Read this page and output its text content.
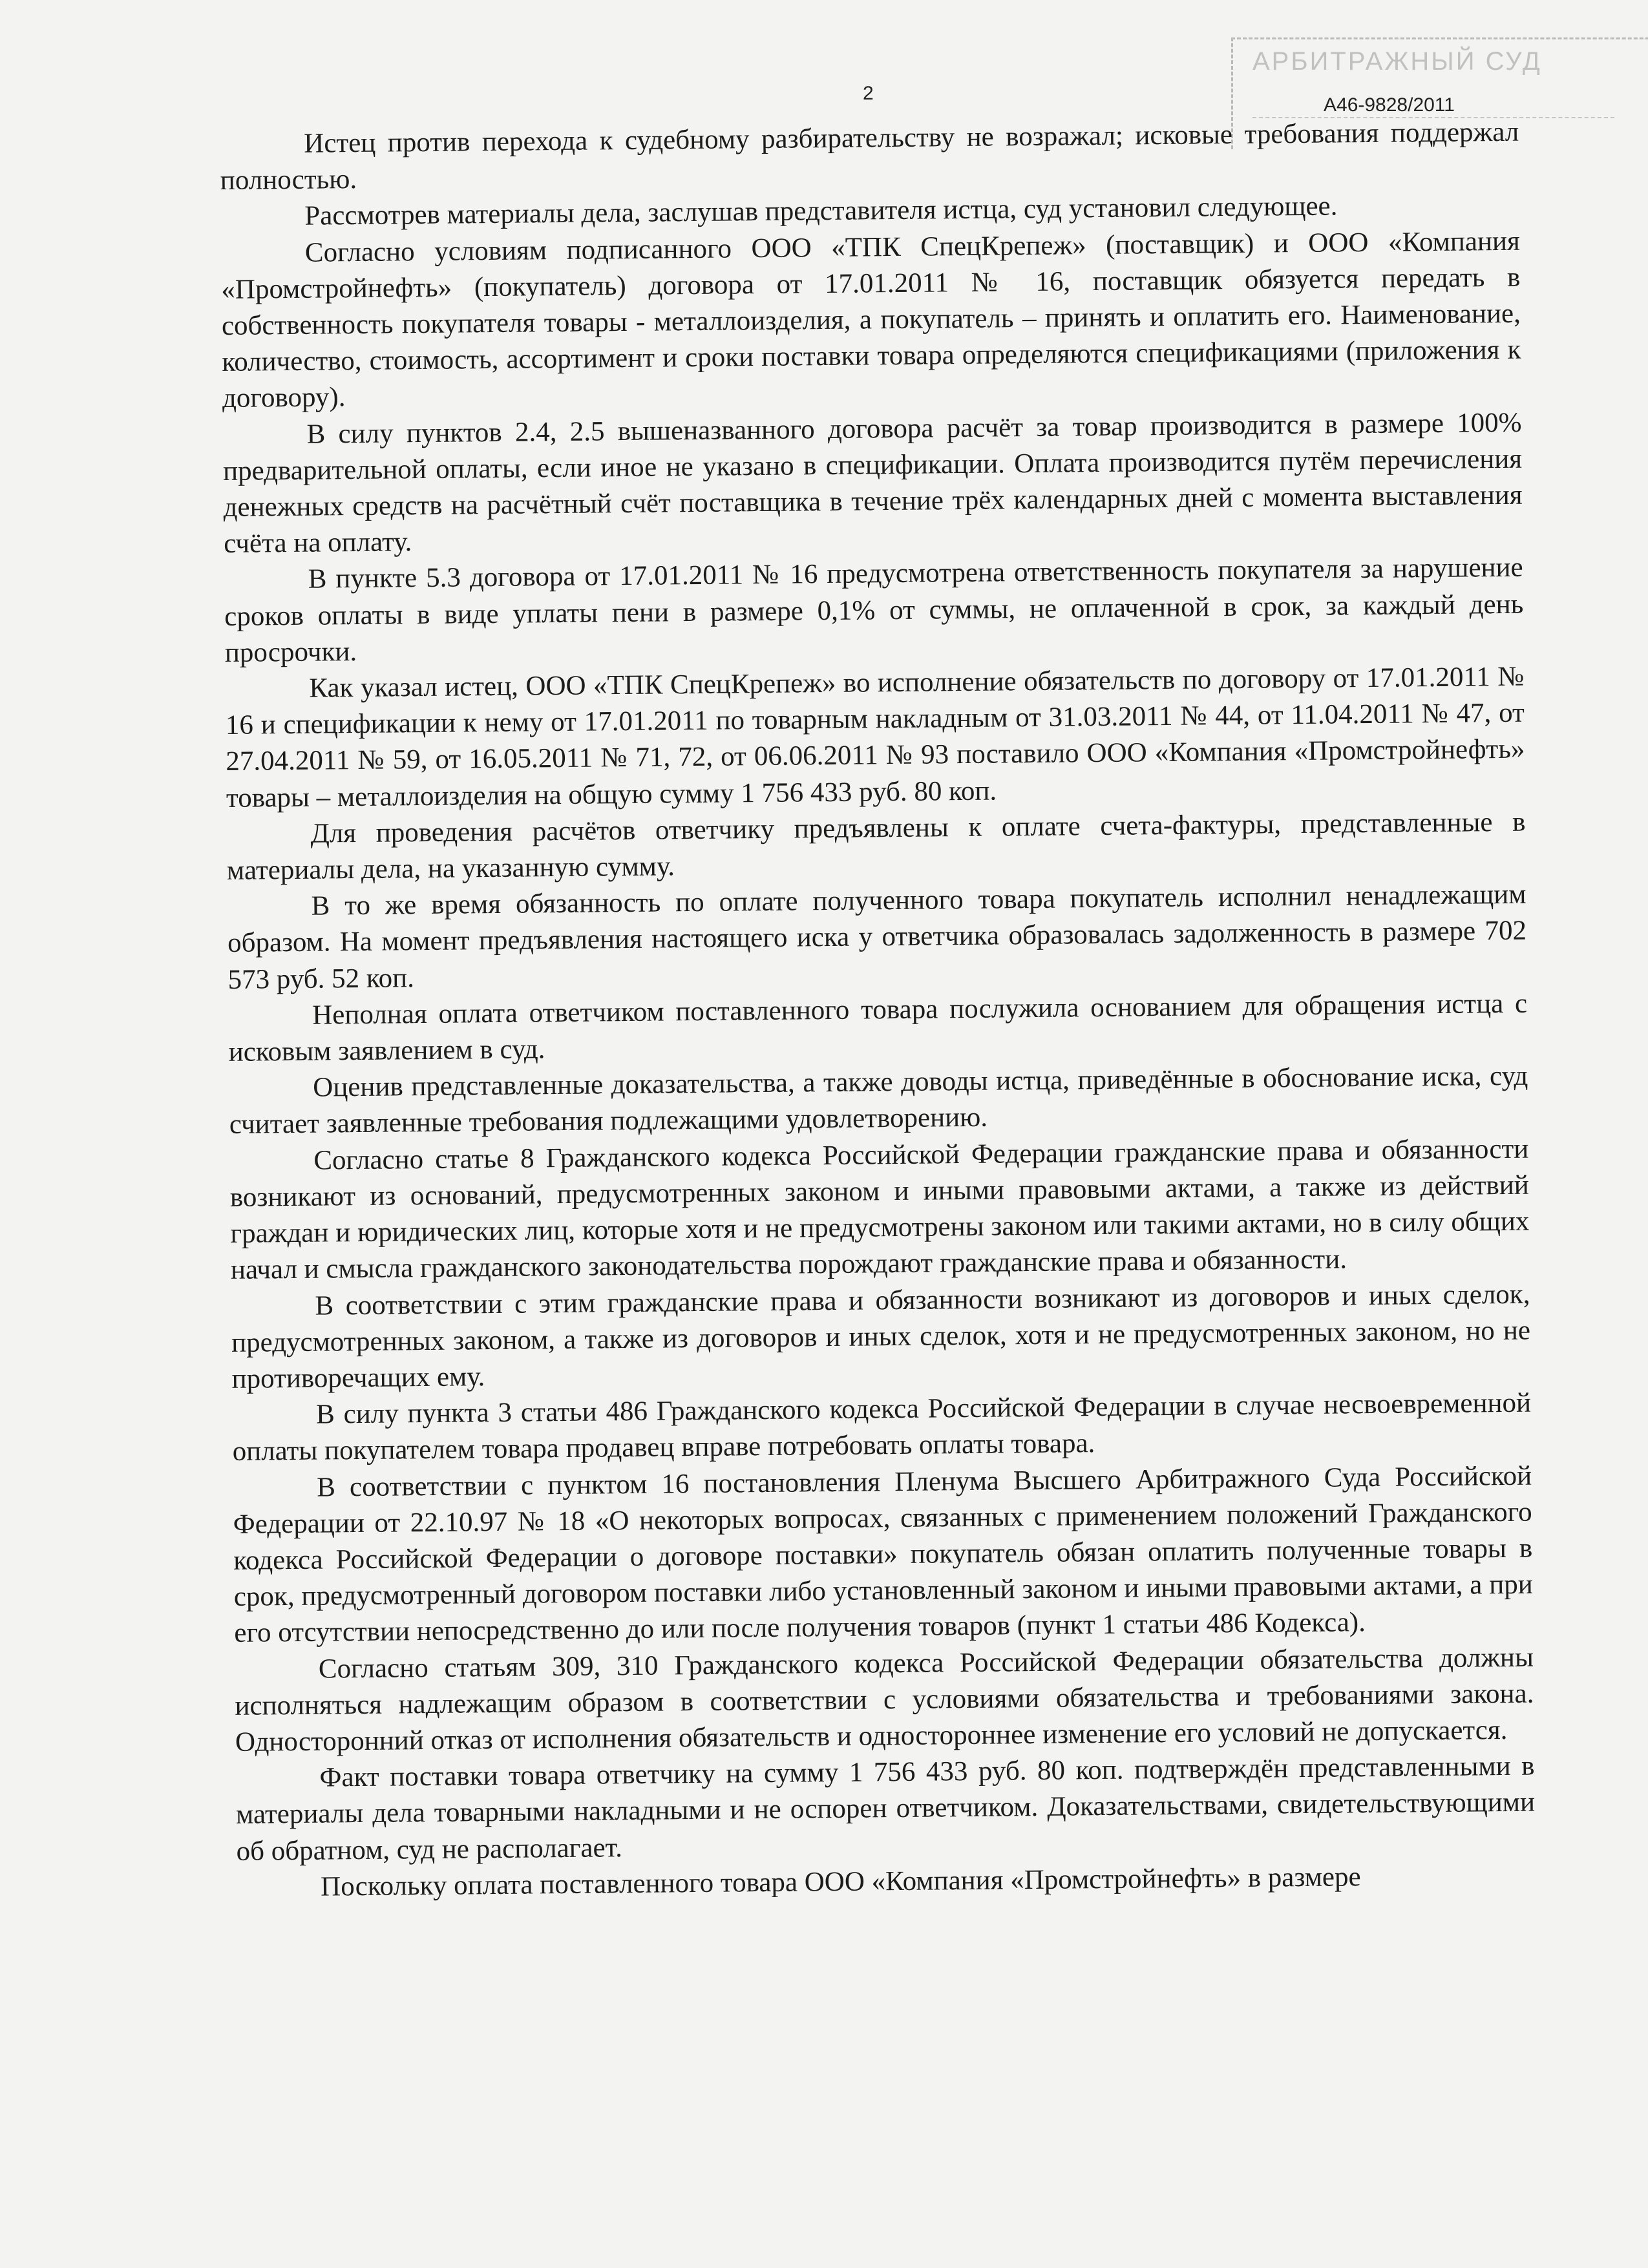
АРБИТРАЖНЫЙ СУД
2
А46-9828/2011

Истец против перехода к судебному разбирательству не возражал; исковые требования поддержал полностью.

Рассмотрев материалы дела, заслушав представителя истца, суд установил следующее.

Согласно условиям подписанного ООО «ТПК СпецКрепеж» (поставщик) и ООО «Компания «Промстройнефть» (покупатель) договора от 17.01.2011 № 16, поставщик обязуется передать в собственность покупателя товары - металлоизделия, а покупатель – принять и оплатить его. Наименование, количество, стоимость, ассортимент и сроки поставки товара определяются спецификациями (приложения к договору).

В силу пунктов 2.4, 2.5 вышеназванного договора расчёт за товар производится в размере 100% предварительной оплаты, если иное не указано в спецификации. Оплата производится путём перечисления денежных средств на расчётный счёт поставщика в течение трёх календарных дней с момента выставления счёта на оплату.

В пункте 5.3 договора от 17.01.2011 № 16 предусмотрена ответственность покупателя за нарушение сроков оплаты в виде уплаты пени в размере 0,1% от суммы, не оплаченной в срок, за каждый день просрочки.

Как указал истец, ООО «ТПК СпецКрепеж» во исполнение обязательств по договору от 17.01.2011 № 16 и спецификации к нему от 17.01.2011 по товарным накладным от 31.03.2011 № 44, от 11.04.2011 № 47, от 27.04.2011 № 59, от 16.05.2011 № 71, 72, от 06.06.2011 № 93 поставило ООО «Компания «Промстройнефть» товары – металлоизделия на общую сумму 1 756 433 руб. 80 коп.

Для проведения расчётов ответчику предъявлены к оплате счета-фактуры, представленные в материалы дела, на указанную сумму.

В то же время обязанность по оплате полученного товара покупатель исполнил ненадлежащим образом. На момент предъявления настоящего иска у ответчика образовалась задолженность в размере 702 573 руб. 52 коп.

Неполная оплата ответчиком поставленного товара послужила основанием для обращения истца с исковым заявлением в суд.

Оценив представленные доказательства, а также доводы истца, приведённые в обоснование иска, суд считает заявленные требования подлежащими удовлетворению.

Согласно статье 8 Гражданского кодекса Российской Федерации гражданские права и обязанности возникают из оснований, предусмотренных законом и иными правовыми актами, а также из действий граждан и юридических лиц, которые хотя и не предусмотрены законом или такими актами, но в силу общих начал и смысла гражданского законодательства порождают гражданские права и обязанности.

В соответствии с этим гражданские права и обязанности возникают из договоров и иных сделок, предусмотренных законом, а также из договоров и иных сделок, хотя и не предусмотренных законом, но не противоречащих ему.

В силу пункта 3 статьи 486 Гражданского кодекса Российской Федерации в случае несвоевременной оплаты покупателем товара продавец вправе потребовать оплаты товара.

В соответствии с пунктом 16 постановления Пленума Высшего Арбитражного Суда Российской Федерации от 22.10.97 № 18 «О некоторых вопросах, связанных с применением положений Гражданского кодекса Российской Федерации о договоре поставки» покупатель обязан оплатить полученные товары в срок, предусмотренный договором поставки либо установленный законом и иными правовыми актами, а при его отсутствии непосредственно до или после получения товаров (пункт 1 статьи 486 Кодекса).

Согласно статьям 309, 310 Гражданского кодекса Российской Федерации обязательства должны исполняться надлежащим образом в соответствии с условиями обязательства и требованиями закона. Односторонний отказ от исполнения обязательств и одностороннее изменение его условий не допускается.

Факт поставки товара ответчику на сумму 1 756 433 руб. 80 коп. подтверждён представленными в материалы дела товарными накладными и не оспорен ответчиком. Доказательствами, свидетельствующими об обратном, суд не располагает.

Поскольку оплата поставленного товара ООО «Компания «Промстройнефть» в размере
